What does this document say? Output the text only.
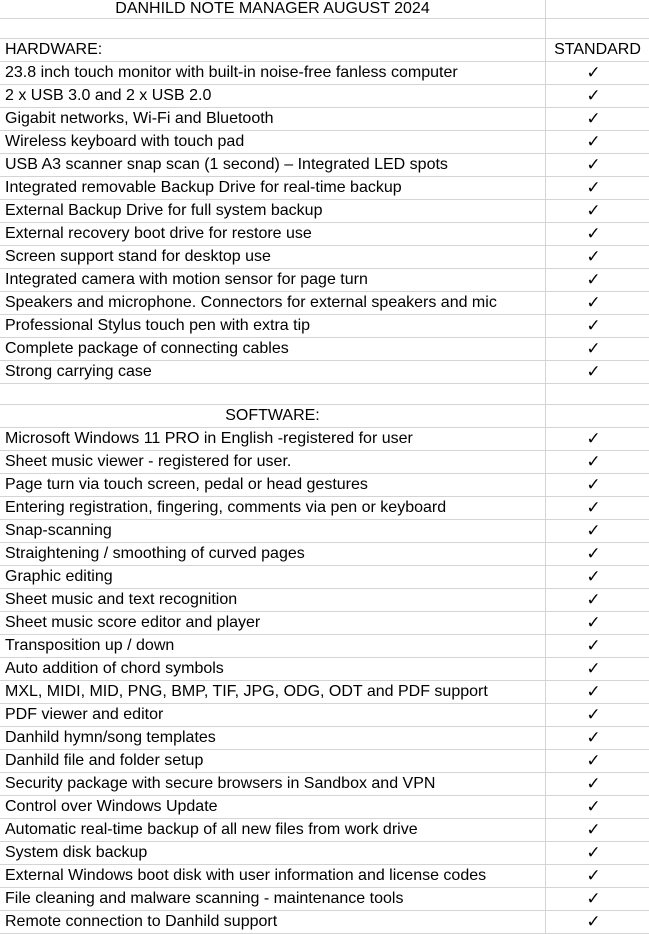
DANHILD NOTE MANAGER AUGUST 2024
HARDWARE:	STANDARD
23.8 inch touch monitor with built-in noise-free fanless computer	✓
2 x USB 3.0 and 2 x USB 2.0	✓
Gigabit networks, Wi-Fi and Bluetooth	✓
Wireless keyboard with touch pad	✓
USB A3 scanner snap scan (1 second) – Integrated LED spots	✓
Integrated removable Backup Drive for real-time backup	✓
External Backup Drive for full system backup	✓
External recovery boot drive for restore use	✓
Screen support stand for desktop use	✓
Integrated camera with motion sensor for page turn	✓
Speakers and microphone. Connectors for external speakers and mic	✓
Professional Stylus touch pen with extra tip	✓
Complete package of connecting cables	✓
Strong carrying case	✓
SOFTWARE:
Microsoft Windows 11 PRO in English -registered for user	✓
Sheet music viewer - registered for user.	✓
Page turn via touch screen, pedal or head gestures	✓
Entering registration, fingering, comments via pen or keyboard	✓
Snap-scanning	✓
Straightening / smoothing of curved pages	✓
Graphic editing	✓
Sheet music and text recognition	✓
Sheet music score editor and player	✓
Transposition up / down	✓
Auto addition of chord symbols	✓
MXL, MIDI, MID, PNG, BMP, TIF, JPG, ODG, ODT and PDF support	✓
PDF viewer and editor	✓
Danhild hymn/song templates	✓
Danhild file and folder setup	✓
Security package with secure browsers in Sandbox and VPN	✓
Control over Windows Update	✓
Automatic real-time backup of all new files from work drive	✓
System disk backup	✓
External Windows boot disk with user information and license codes	✓
File cleaning and malware scanning - maintenance tools	✓
Remote connection to Danhild support	✓
